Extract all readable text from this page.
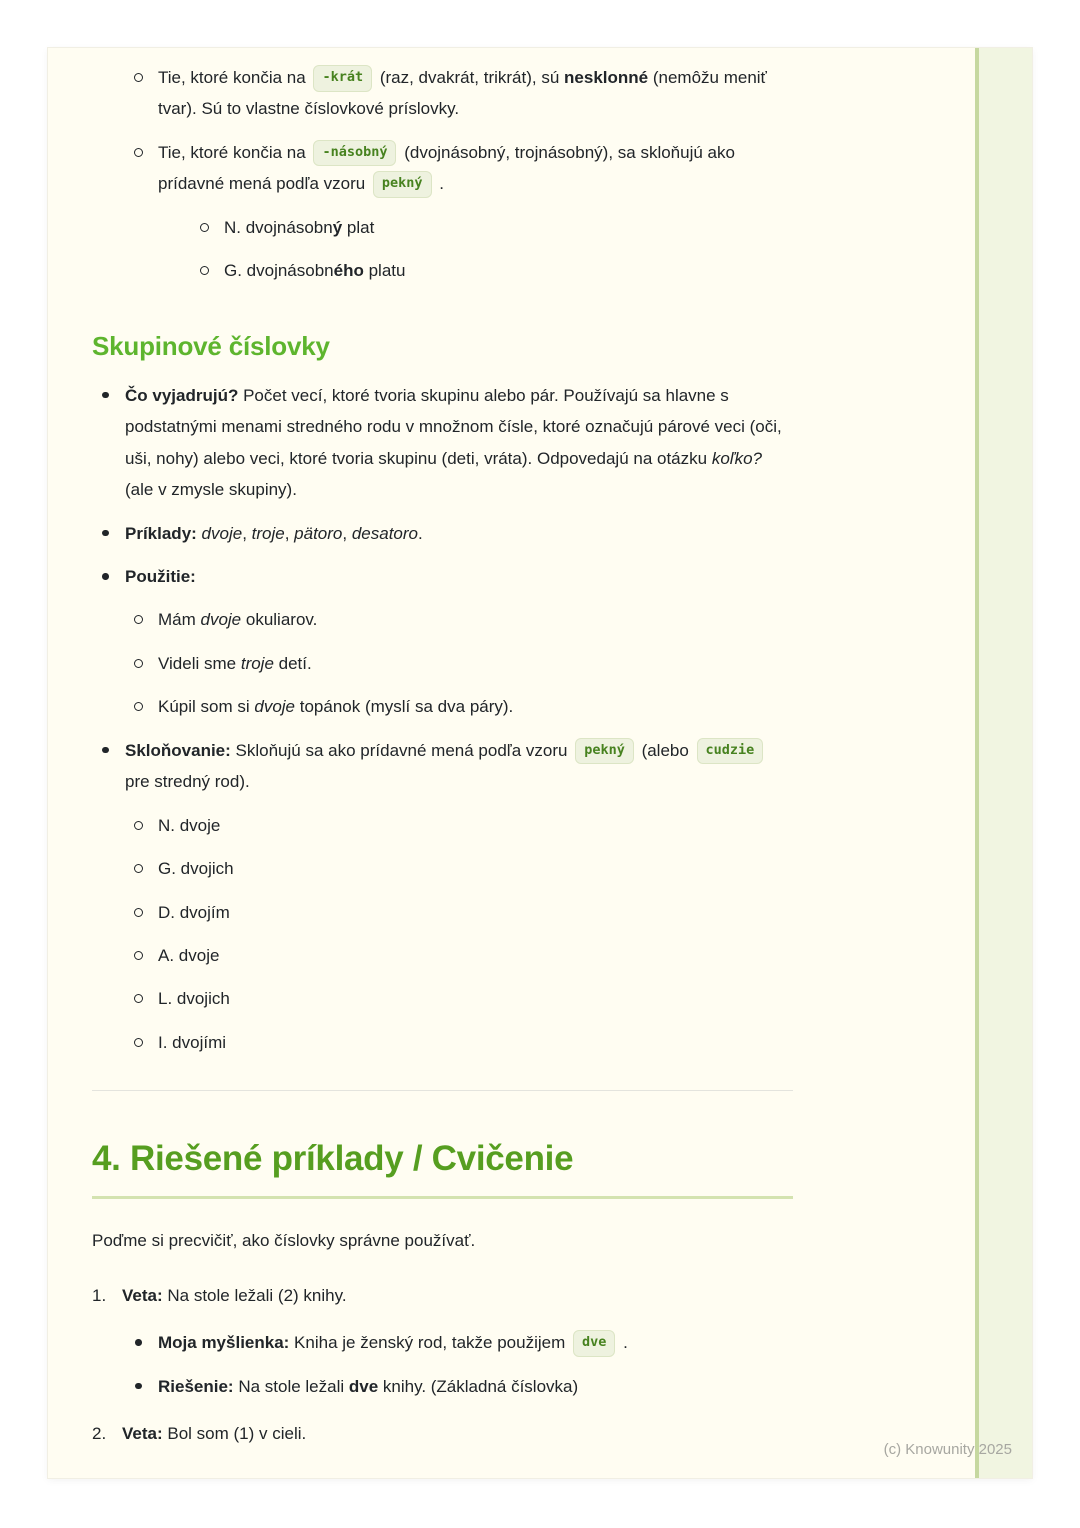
(c) Knowunity 2025
Tie, ktoré končia na -krát (raz, dvakrát, trikrát), sú nesklonné (nemôžu meniť tvar). Sú to vlastne číslovkové príslovky.
Tie, ktoré končia na -násobný (dvojnásobný, trojnásobný), sa skloňujú ako prídavné mená podľa vzoru pekný .
N. dvojnásobný plat
G. dvojnásobného platu
Skupinové číslovky
Čo vyjadrujú? Počet vecí, ktoré tvoria skupinu alebo pár. Používajú sa hlavne s podstatnými menami stredného rodu v množnom čísle, ktoré označujú párové veci (oči, uši, nohy) alebo veci, ktoré tvoria skupinu (deti, vráta). Odpovedajú na otázku koľko? (ale v zmysle skupiny).
Príklady: dvoje, troje, pätoro, desatoro.
Použitie:
Mám dvoje okuliarov.
Videli sme troje detí.
Kúpil som si dvoje topánok (myslí sa dva páry).
Skloňovanie: Skloňujú sa ako prídavné mená podľa vzoru pekný (alebo cudzie pre stredný rod).
N. dvoje
G. dvojich
D. dvojím
A. dvoje
L. dvojich
I. dvojími
4. Riešené príklady / Cvičenie

Poďme si precvičiť, ako číslovky správne používať.

1. Veta: Na stole ležali (2) knihy.
Moja myšlienka: Kniha je ženský rod, takže použijem dve .
Riešenie: Na stole ležali dve knihy. (Základná číslovka)
2. Veta: Bol som (1) v cieli.
